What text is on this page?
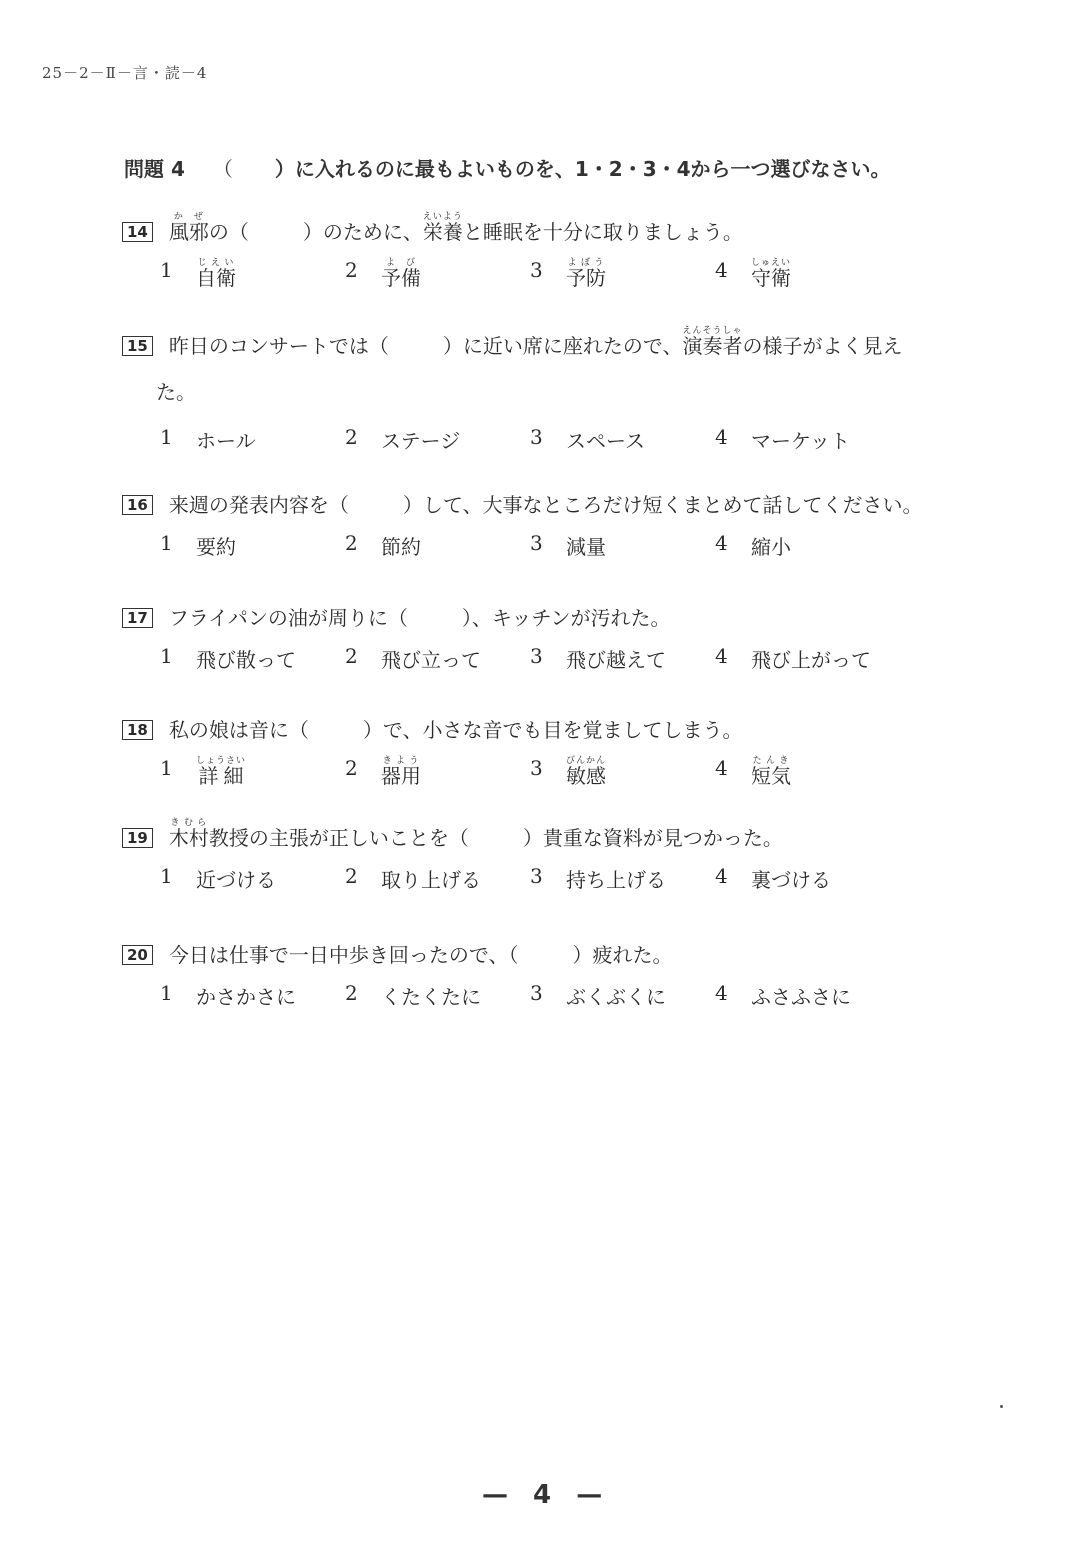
25－2－Ⅱ－言・読－4
問題 4 （ ）に入れるのに最もよいものを、1・2・3・4から一つ選びなさい。
14 風邪かぜ
の（	）のために、 栄養えいよう
と睡眠を十分に取りましょう。
1	自衛じえい	2	予備よび	3	予防よぼう	4	守衛しゅえい
15 昨日のコンサートでは（	）に近い席に座れたので、 演奏者えんそうしゃ
の様子がよく見え
た。
1	ホール	2	ステージ	3	スペース	4	マーケット
16 来週の発表内容を（	）して、大事なところだけ短くまとめて話してください。
1	要約	2	節約	3	減量	4	縮小
17 フライパンの油が周りに（	）、キッチンが汚れた。
1	飛び散って 2	飛び立って 3	飛び越えて 4	飛び上がって
18 私の娘は音に（	）で、小さな音でも目を覚ましてしまう。
1	詳細しょうさい	2	器用きよう	3	敏感びんかん	4	短気たんき
19 木村きむら
教授の主張が正しいことを（	）貴重な資料が見つかった。
1	近づける	2	取り上げる 3	持ち上げる 4	裏づける
20 今日は仕事で一日中歩き回ったので、（	）疲れた。
1	かさかさに 2	くたくたに 3	ぶくぶくに 4	ふさふさに
— 4 —
